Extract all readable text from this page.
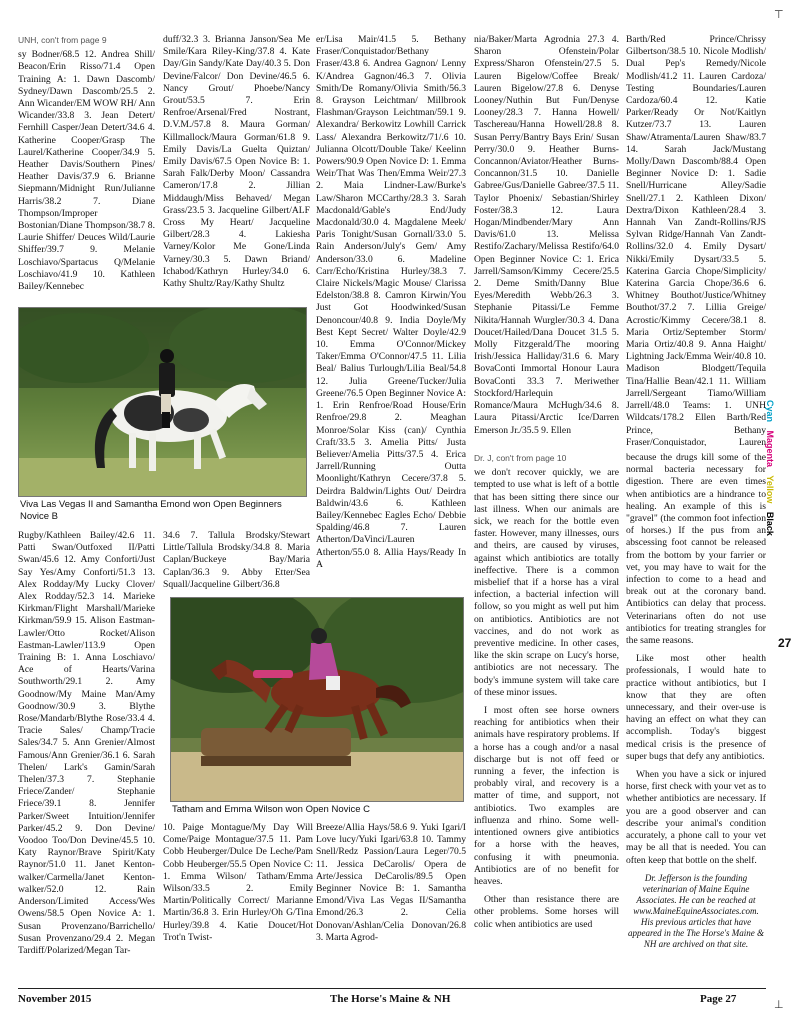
⊤
⊥
UNH, con't from page 9
sy Bodner/68.5 12. Andrea Shill/ Beacon/Erin Risso/71.4 Open Training A: 1. Dawn Dascomb/ Sydney/Dawn Dascomb/25.5 2. Ann Wicander/EM WOW RH/ Ann Wicander/33.8 3. Jean Detert/ Fernhill Casper/Jean Detert/34.6 4. Katherine Cooper/Grasp The Laurel/Katherine Cooper/34.9 5. Heather Davis/Southern Pines/ Heather Davis/37.9 6. Brianne Siepmann/Midnight Run/Julianne Harris/38.2 7. Diane Thompson/Improper Bostonian/Diane Thompson/38.7 8. Laurie Shiffer/ Deuces Wild/Laurie Shiffer/39.7 9. Melanie Loschiavo/Spartacus Q/Melanie Loschiavo/41.9 10. Kathleen Bailey/Kennebec
duff/32.3 3. Brianna Janson/Sea Me Smile/Kara Riley-King/37.8 4. Kate Day/Gin Sandy/Kate Day/40.3 5. Don Devine/Falcor/ Don Devine/46.5 6. Nancy Grout/ Phoebe/Nancy Grout/53.5 7. Erin Renfroe/Arsenal/Fred Nostrant, D.V.M./57.8 8. Maura Gorman/ Killmallock/Maura Gorman/61.8 9. Emily Davis/La Guelta Quiztan/ Emily Davis/67.5 Open Novice B: 1. Sarah Falk/Derby Moon/ Cassandra Cameron/17.8 2. Jillian Middaugh/Miss Behaved/ Megan Grass/23.5 3. Jacqueline Gilbert/ALF Cross My Heart/ Jacqueline Gilbert/28.3 4. Lakiesha Varney/Kolor Me Gone/Linda Varney/30.3 5. Dawn Briand/ Ichabod/Kathryn Hurley/34.0 6. Kathy Shultz/Ray/Kathy Shultz
er/Lisa Mair/41.5 5. Bethany Fraser/Conquistador/Bethany Fraser/43.8 6. Andrea Gagnon/ Lenny K/Andrea Gagnon/46.3 7. Olivia Smith/De Romany/Olivia Smith/56.3 8. Grayson Leichtman/ Millbrook Flashman/Grayson Leichtman/59.1 9. Alexandra/ Berkowitz Lowhill Carrick Lass/ Alexandra Berkowitz/71/.6 10. Julianna Olcott/Double Take/ Keelinn Powers/90.9 Open Novice D: 1. Emma Weir/That Was Then/Emma Weir/27.3 2. Maia Lindner-Law/Burke's Law/Sharon MCCarthy/28.3 3. Sarah Macdonald/Gable's End/Judy Macdonald/30.0 4. Magdalene Meek/ Paris Tonight/Susan Gornall/33.0 5. Rain Anderson/July's Gem/ Amy Anderson/33.0 6. Madeline Carr/Echo/Kristina Hurley/38.3 7. Claire Nickels/Magic Mouse/ Clarissa Edelston/38.8 8. Camron Kirwin/You Just Got Hoodwinked/Susan Denoncour/40.8 9. India Doyle/My Best Kept Secret/ Walter Doyle/42.9 10. Emma O'Connor/Mickey Taker/Emma O'Connor/47.5 11. Lilia Beal/ Balius Turlough/Lilia Beal/54.8 12. Julia Greene/Tucker/Julia Greene/76.5 Open Beginner Novice A: 1. Erin Renfroe/Road House/Erin Renfroe/29.8 2. Meaghan Monroe/Solar Kiss (can)/ Cynthia Craft/33.5 3. Amelia Pitts/ Justa Believer/Amelia Pitts/37.5 4. Erica Jarrell/Running Outta Moonlight/Kathryn Cecere/37.8 5. Deirdra Baldwin/Lights Out/ Deirdra Baldwin/43.6 6. Kathleen Bailey/Kennebec Eagles Echo/ Debbie Spalding/46.8 7. Lauren Atherton/DaVinci/Lauren Atherton/55.0 8. Allia Hays/Ready In A
nia/Baker/Marta Agrodnia 27.3 4. Sharon Ofenstein/Polar Express/Sharon Ofenstein/27.5 5. Lauren Bigelow/Coffee Break/ Lauren Bigelow/27.8 6. Denyse Looney/Nuthin But Fun/Denyse Looney/28.3 7. Hanna Howell/ Taschereau/Hanna Howell/28.8 8. Susan Perry/Bantry Bays Erin/ Susan Perry/30.0 9. Heather Burns-Concannon/Aviator/Heather Burns-Concannon/31.5 10. Danielle Gabree/Gus/Danielle Gabree/37.5 11. Taylor Phoenix/ Sebastian/Shirley Foster/38.3 12. Laura Hogan/Mindbender/Mary Ann Davis/61.0 13. Melissa Restifo/Zachary/Melissa Restifo/64.0 Open Beginner Novice C: 1. Erica Jarrell/Samson/Kimmy Cecere/25.5 2. Deme Smith/Danny Blue Eyes/Meredith Webb/26.3 3. Stephanie Pitassi/Le Femme Nikita/Hannah Wurgler/30.3 4. Dana Doucet/Hailed/Dana Doucet 31.5 5. Molly Fitzgerald/The mooring Irish/Jessica Halliday/31.6 6. Mary BovaConti Immortal Honour Laura BovaConti 33.3 7. Meriwether Stockford/Harlequin Romance/Maura McHugh/34.6 8. Laura Pitassi/Arctic Ice/Darren Emerson Jr./35.5 9. Ellen
Barth/Red Prince/Chrissy Gilbertson/38.5 10. Nicole Modlish/ Dual Pep's Remedy/Nicole Modlish/41.2 11. Lauren Cardoza/ Testing Boundaries/Lauren Cardoza/60.4 12. Katie Parker/Ready Or Not/Kaitlyn Kutzer/73.7 13. Lauren Shaw/Atramenta/Lauren Shaw/83.7 14. Sarah Jack/Mustang Molly/Dawn Dascomb/88.4 Open Beginner Novice D: 1. Sadie Snell/Hurricane Alley/Sadie Snell/27.1 2. Kathleen Dixon/ Dextra/Dixon Kathleen/28.4 3. Hannah Van Zandt-Rollins/RJS Sylvan Ridge/Hannah Van Zandt-Rollins/32.0 4. Emily Dysart/ Nikki/Emily Dysart/33.5 5. Katerina Garcia Chope/Simplicity/ Katerina Garcia Chope/36.6 6. Whitney Bouthot/Justice/Whitney Bouthot/37.2 7. Lillia Greige/ Acrostic/Kimmy Cecere/38.1 8. Maria Ortiz/September Storm/ Maria Ortiz/40.8 9. Anna Haight/ Lightning Jack/Emma Weir/40.8 10. Madison Blodgett/Tequila Tina/Hallie Bean/42.1 11. William Jarrell/Sergeant Tiamo/William Jarrell/48.0 Teams: 1. UNH Wildcats/178.2 Ellen Barth/Red Prince, Bethany Fraser/Conquistador, Lauren
Viva Las Vegas II and Samantha Emond won Open Beginners Novice B
Rugby/Kathleen Bailey/42.6 11. Patti Swan/Outfoxed II/Patti Swan/45.6 12. Amy Conforti/Just Say Yes/Amy Conforti/51.3 13. Alex Rodday/My Lucky Clover/ Alex Rodday/52.3 14. Marieke Kirkman/Flight Marshall/Marieke Kirkman/59.9 15. Alison Eastman-Lawler/Otto Rocket/Alison Eastman-Lawler/113.9 Open Training B: 1. Anna Loschiavo/ Ace of Hearts/Varina Southworth/29.1 2. Amy Goodnow/My Maine Man/Amy Goodnow/30.9 3. Blythe Rose/Mandarb/Blythe Rose/33.4 4. Tracie Sales/ Champ/Tracie Sales/34.7 5. Ann Grenier/Almost Famous/Ann Grenier/36.1 6. Sarah Thelen/ Lark's Gamin/Sarah Thelen/37.3 7. Stephanie Friece/Zander/ Stephanie Friece/39.1 8. Jennifer Parker/Sweet Intuition/Jennifer Parker/45.2 9. Don Devine/ Voodoo Too/Don Devine/45.5 10. Katy Raynor/Brave Spirit/Katy Raynor/51.0 11. Janet Kenton-walker/Carmella/Janet Kenton-walker/52.0 12. Rain Anderson/Limited Access/Wes Owens/58.5 Open Novice A: 1. Susan Provenzano/Barrichello/ Susan Provenzano/29.4 2. Megan Tardiff/Polarized/Megan Tar-
34.6 7. Tallula Brodsky/Stewart Little/Tallula Brodsky/34.8 8. Maria Caplan/Buckeye Bay/Maria Caplan/36.3 9. Abby Etter/Sea Squall/Jacqueline Gilbert/36.8
Tatham and Emma Wilson won Open Novice C
10. Paige Montague/My Day Will Come/Paige Montague/37.5 11. Pam Cobb Heuberger/Dulce De Leche/Pam Cobb Heuberger/55.5 Open Novice C: 1. Emma Wilson/ Tatham/Emma Wilson/33.5 2. Emily Martin/Politically Correct/ Marianne Martin/36.8 3. Erin Hurley/Oh G/Tina Hurley/39.8 4. Katie Doucet/Hot Trot'n Twist-
Breeze/Allia Hays/58.6 9. Yuki Igari/I Love lucy/Yuki Igari/63.8 10. Tammy Snell/Redz Passion/Laura Leger/70.5 11. Jessica DeCarolis/ Opera de Arte/Jessica DeCarolis/89.5 Open Beginner Novice B: 1. Samantha Emond/Viva Las Vegas II/Samantha Emond/26.3 2. Celia Donovan/Ashlan/Celia Donovan/26.8 3. Marta Agrod-
Dr. J, con't from page 10
we don't recover quickly, we are tempted to use what is left of a bottle that has been sitting there since our last illness. When our animals are sick, we reach for the bottle even faster. However, many illnesses, ours and theirs, are caused by viruses, against which antibiotics are totally ineffective. There is a common misbelief that if a horse has a viral infection, a bacterial infection will follow, so you might as well put him on antibiotics. Antibiotics are not vaccines, and do not work as preventive medicine. In other cases, like the skin scrape on Lucy's horse, antibiotics are not necessary. The body's immune system will take care of these minor issues.
I most often see horse owners reaching for antibiotics when their animals have respiratory problems. If a horse has a cough and/or a nasal discharge but is not off feed or running a fever, the infection is probably viral, and recovery is a matter of time, and support, not antibiotics. Two examples are influenza and rhino. Some well-intentioned owners give antibiotics for a horse with the heaves, confusing it with pneumonia. Antibiotics are of no benefit for heaves.
Other than resistance there are other problems. Some horses will colic when antibiotics are used
because the drugs kill some of the normal bacteria necessary for digestion. There are even times when antibiotics are a hindrance to healing. An example of this is "gravel" (the common foot infection of horses.) If the pus from an abscessing foot cannot be released from the bottom by your farrier or vet, you may have to wait for the infection to come to a head and break out at the coronary band. Antibiotics can delay that process. Veterinarians often do not use antibiotics for treating strangles for the same reasons.
Like most other health professionals, I would hate to practice without antibiotics, but I know that they are often unnecessary, and their over-use is having an effect on what they can accomplish. Today's biggest medical crisis is the presence of super bugs that defy any antibiotics.
When you have a sick or injured horse, first check with your vet as to whether antibiotics are necessary. If you are a good observer and can describe your animal's condition accurately, a phone call to your vet may be all that is needed. You can often keep that bottle on the shelf.
Dr. Jefferson is the founding veterinarian of Maine Equine Associates. He can be reached at www.MaineEquineAssociates.com. His previous articles that have appeared in the The Horse's Maine & NH are archived on that site.
Cyan Magenta Yellow Black
27
November 2015	The Horse's Maine & NH	Page 27
